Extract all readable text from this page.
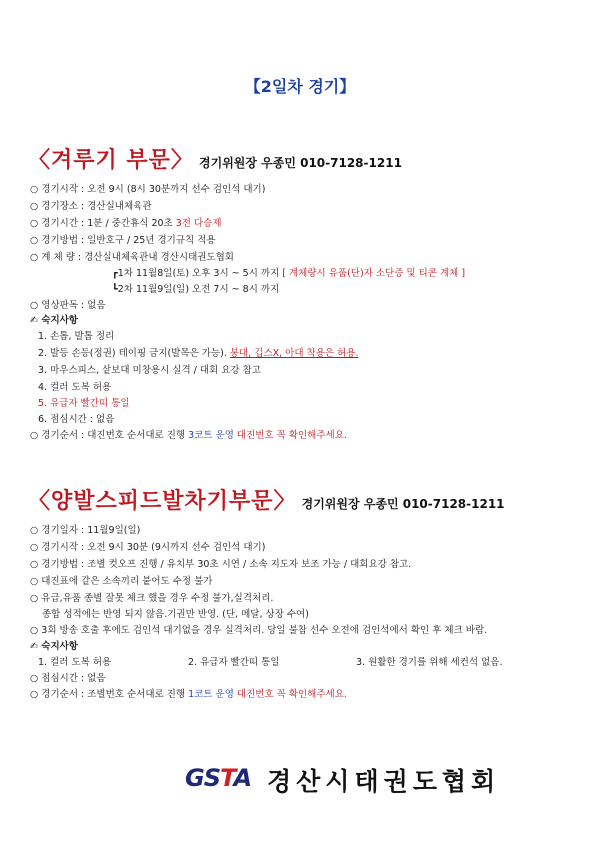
【2일차 경기】
〈겨루기 부문〉 경기위원장 우종민 010-7128-1211
○ 경기시작 : 오전 9시 (8시 30분까지 선수 검인석 대기)
○ 경기장소 : 경산실내체육관
○ 경기시간 : 1분 / 중간휴식 20초 3전 다승제
○ 경기방법 : 일반호구 / 25년 경기규칙 적용
○ 계 체 량 : 경산실내체육관내 경산시태권도협회
┏1차 11월8일(토) 오후 3시 ~ 5시 까지 [ 계체량시 유품(단)자 소단증 및 티콘 계체 ]
┗2차 11월9일(일) 오전 7시 ~ 8시 까지
○ 영상판독 : 없음
✍ 숙지사항
1. 손톱, 발톱 정리
2. 발등 손등(정권) 테이핑 금지(발목은 가능). 붕대, 깁스X, 아대 착용은 허용.
3. 마우스피스, 샅보대 미창용시 실격 / 대회 요강 참고
4. 컬러 도복 허용
5. 유급자 빨간띠 통일
6. 점심시간 : 없음
○ 경기순서 : 대진번호 순서대로 진행 3코트 운영 대진번호 꼭 확인해주세요.
〈양발스피드발차기부문〉 경기위원장 우종민 010-7128-1211
○ 경기일자 : 11월9일(일)
○ 경기시작 : 오전 9시 30분 (9시까지 선수 검인석 대기)
○ 경기방법 : 조별 컷오프 진행 / 유치부 30초 시연 / 소속 지도자 보조 가능 / 대회요강 참고.
○ 대진표에 같은 소속끼리 붙어도 수정 불가
○ 유급,유품 종별 잘못 체크 했을 경우 수정 불가,실격처리.
종합 성적에는 반영 되지 않음.기권만 반영. (단, 메달, 상장 수여)
○ 3회 방송 호출 후에도 검인석 대기없을 경우 실격처리. 당일 불참 선수 오전에 검인석에서 확인 후 체크 바람.
✍ 숙지사항
1. 컬러 도복 허용	2. 유급자 빨간띠 통일	3. 원활한 경기를 위해 세컨석 없음.
○ 점심시간 : 없음
○ 경기순서 : 조별번호 순서대로 진행 1코트 운영 대진번호 꼭 확인해주세요.
GSTA 경산시태권도협회
